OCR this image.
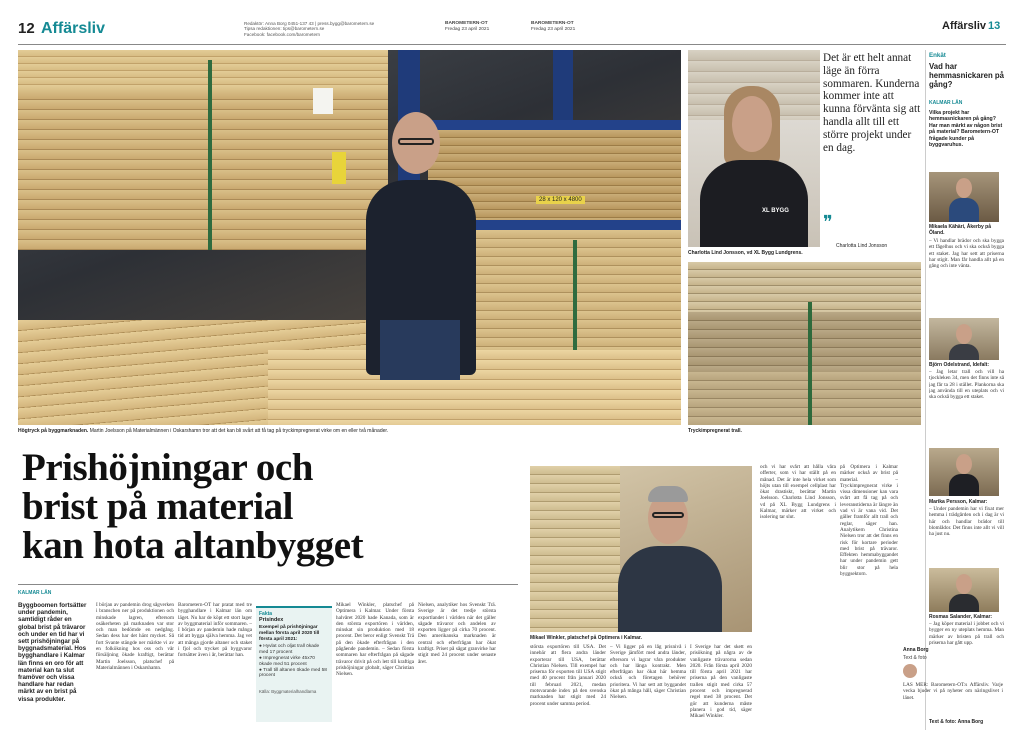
12 Affärsliv	Redaktör: Anna Borg 0451-137 43 | press.bygg@barometern.se
Tipsa redaktionen: tips@barometern.se
Facebook: facebook.com/barometern
BAROMETERN-OT
Fredag 23 april 2021
BAROMETERN-OT
Fredag 23 april 2021	Affärsliv 13
28 x 120 x 4800
Högtryck på byggmarknaden. Martin Joelsson på Materialmännen i Oskarshamn tror att det kan bli svårt att få tag på tryckimpregnerat virke om en eller två månader.
XL BYGG
Charlotta Lind Jonsson, vd XL Bygg Lundgrens.
Det är ett helt annat läge än förra sommaren. Kunderna kommer inte att kunna förvänta sig att handla allt till ett större projekt under en dag.
❞
Charlotta Lind Jonsson
Tryckimpregnerat trall.
Enkät
Vad har hemmasnickaren på gång?
KALMAR LÄN
Vilka projekt har hemmasnickaren på gång? Har man märkt av någon brist på material? Barometern-OT frågade kunder på byggvaruhus.
Mikaela Kähäri, Åkerby på Öland.
– Vi handlar brädor och ska bygga ett fågelhus och vi ska också bygga ett staket. Jag har sett att priserna har stigit. Man får handla allt på en gång och inte vänta.
Björn Odelstrand, Idefalt:
– Jag letar trall och vill ha tjockleken 34, men det finns inte så jag får ta 28 i stället. Plankorna ska jag använda till en uteplats och vi ska också bygga ett staket.
Marika Persson, Kalmar:
– Under pandemin har vi fixat mer hemma i trädgården och i dag är vi här och handlar brädor till blomlådor. Det finns inte allt vi vill ha just nu.
Rosmas Salander, Kalmar:
– Jag köper material i jobbet och vi bygger en ny uteplats hemma. Man märker av bristen på trall och priserna har gått upp.
Anna Borg
Text & foto
LÄS MER: Barometern-OT:s Affärsliv. Varje vecka bjuder vi på nyheter om näringslivet i länet.
Text & foto: Anna Borg
Prishöjningar och
brist på material
kan hota altanbygget
KALMAR LÄN
Byggboomen fortsätter under pandemin, samtidigt råder en global brist på trävaror och under en tid har vi sett prishöjningar på byggnadsmaterial. Hos bygghandlare i Kalmar län finns en oro för att material kan ta slut framöver och vissa handlare har redan märkt av en brist på vissa produkter.
I början av pandemin drog sågverken i branschen ner på produktionen och minskade lagren, eftersom osäkerheten på marknaden var stor och man bedömde en nedgång. Sedan dess har det hänt mycket. Så fort Svante stängde ner märkte vi av en folkökning hos oss och vår försäljning ökade kraftigt, berättar Martin Joelsson, platschef på Materialmännen i Oskarshamn.
Barometern-OT har pratat med tre bygghandlare i Kalmar län om läget. Nu har de köpt ett stort lager av byggmaterial inför sommaren. – I början av pandemin hade många tid att bygga själva hemma. Jag vet att många gjorde altaner och staket i fjol och trycket på byggvaror fortsätter även i år, berättar han.
Fakta
Prisindex
Exempel på prishöjningar mellan första april 2020 till första april 2021:
● Hyvlat och oljat trall ökade med 17 procent
● Impregnerat virke 45x70 ökade med 51 procent
● Trall till altanen ökade med 58 procent
Källa: Byggmaterialhandlarna
Mikael Winkler, platschef på Optimera i Kalmar. Under första halvåret 2020 hade Kanada, som är den största exportören i världen, minskat sin produktion med 18 procent. Det beror enligt Svenskt Trä på den ökade efterfrågan i den pågående pandemin. – Sedan första sommaren har efterfrågan på sågade trävaror drivit på och lett till kraftiga prishöjningar globalt, säger Christian Nielsen.
Nielsen, analytiker hos Svenskt Trä. Sverige är det tredje största exportlandet i världen när det gäller sågade trävaror och andelen av exporten ligger på cirka 70 procent. Den amerikanska marknaden är central och efterfrågan har ökat kraftigt. Priset på sågat granvirke har stigit med 24 procent under senaste året.
Mikael Winkler, platschef på Optimera i Kalmar.
största exportören till USA. Det innebär att flera andra länder exporterar till USA, berättar Christian Nielsen. Till exempel har priserna för exporten till USA stigit med 40 procent från januari 2020 till februari 2021, medan motsvarande index på den svenska marknaden har stigit med 24 procent under samma period.
– Vi ligger på en låg prisnivå i Sverige jämfört med andra länder, eftersom vi lagrar våra produkter och har långa kontrakt. Men efterfrågan har ökat här hemma också och företagen behöver prioritera. Vi har sett att byggandet ökat på många håll, säger Christian Nielsen.
I Sverige har det skett en prisökning på några av de vanligaste trävarorna sedan 2020. Från första april 2020 till första april 2021 har priserna på den vanligaste trallen stigit med cirka 57 procent och impregnerad regel med 38 procent. Det gör att kunderna måste planera i god tid, säger Mikael Winkler.
och vi har svårt att hålla våra offerter, som vi har ställt på en månad. Det är inte hela virket som höjts utan till exempel cellplast har ökat drastiskt, berättar Martin Joelsson. Charlotta Lind Jonsson, vd på XL Bygg Lundgrens i Kalmar, märker att virket och isolering tar slut.
på Optimera i Kalmar märker också av brist på material. – Tryckimpregnerat virke i vissa dimensioner kan vara svårt att få tag på och leveranstiderna är längre än vad vi är vana vid. Det gäller framför allt trall och reglar, säger han. Analytikern Christina Nielsen tror att det finns en risk för kortare perioder med brist på trävaror. Effekten hemmabyggandet har under pandemin gett blir stor på hela byggsektorn.
